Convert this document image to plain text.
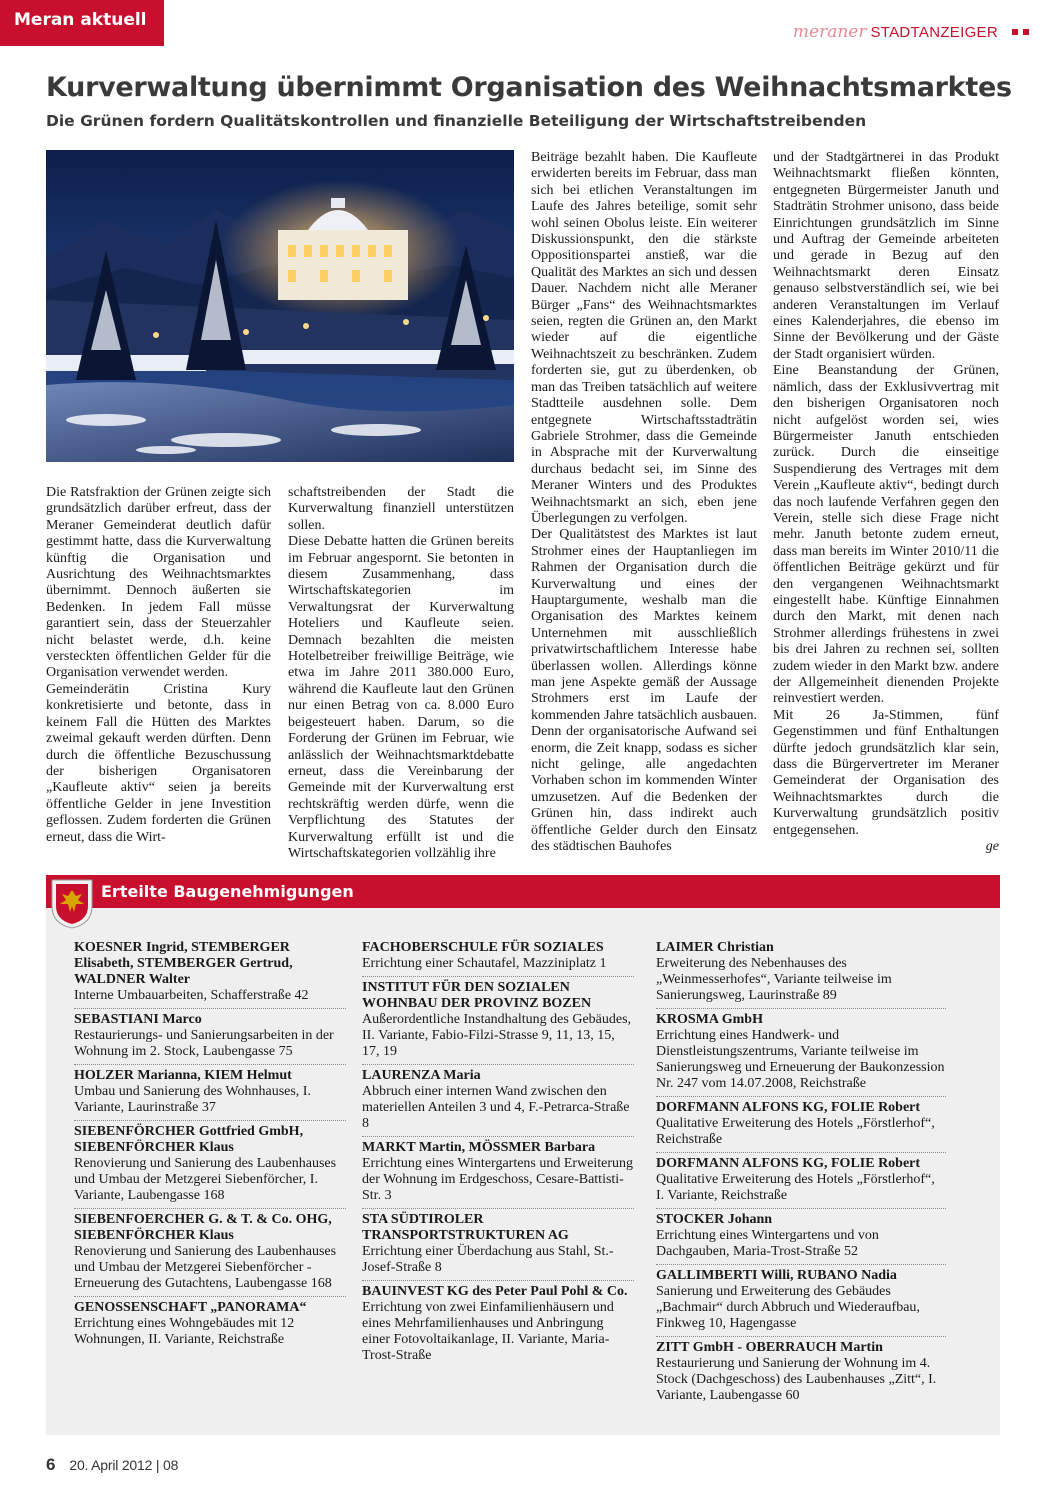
Meran aktuell
meraner STADTANZEIGER
Kurverwaltung übernimmt Organisation des Weihnachtsmarktes
Die Grünen fordern Qualitätskontrollen und finanzielle Beteiligung der Wirtschaftstreibenden

Die Ratsfraktion der Grünen zeigte sich grundsätzlich darüber erfreut, dass der Meraner Gemeinderat deutlich dafür gestimmt hatte, dass die Kurverwaltung künftig die Organisation und Ausrichtung des Weihnachtsmarktes übernimmt. Dennoch äußerten sie Bedenken. In jedem Fall müsse garantiert sein, dass der Steuerzahler nicht belastet werde, d.h. keine versteckten öffentlichen Gelder für die Organisation verwendet werden.

Gemeinderätin Cristina Kury konkretisierte und betonte, dass in keinem Fall die Hütten des Marktes zweimal gekauft werden dürften. Denn durch die öffentliche Bezuschussung der bisherigen Organisatoren „Kaufleute aktiv“ seien ja bereits öffentliche Gelder in jene Investition geflossen. Zudem forderten die Grünen erneut, dass die Wirt-

schaftstreibenden der Stadt die Kurverwaltung finanziell unterstützen sollen.

Diese Debatte hatten die Grünen bereits im Februar angespornt. Sie betonten in diesem Zusammenhang, dass Wirtschaftskategorien im Verwaltungsrat der Kurverwaltung Hoteliers und Kaufleute seien. Demnach bezahlten die meisten Hotelbetreiber freiwillige Beiträge, wie etwa im Jahre 2011 380.000 Euro, während die Kaufleute laut den Grünen nur einen Betrag von ca. 8.000 Euro beigesteuert haben. Darum, so die Forderung der Grünen im Februar, wie anlässlich der Weihnachtsmarktdebatte erneut, dass die Vereinbarung der Gemeinde mit der Kurverwaltung erst rechtskräftig werden dürfe, wenn die Verpflichtung des Statutes der Kurverwaltung erfüllt ist und die Wirtschaftskategorien vollzählig ihre

Beiträge bezahlt haben. Die Kaufleute erwiderten bereits im Februar, dass man sich bei etlichen Veranstaltungen im Laufe des Jahres beteilige, somit sehr wohl seinen Obolus leiste. Ein weiterer Diskussionspunkt, den die stärkste Oppositionspartei anstieß, war die Qualität des Marktes an sich und dessen Dauer. Nachdem nicht alle Meraner Bürger „Fans“ des Weihnachtsmarktes seien, regten die Grünen an, den Markt wieder auf die eigentliche Weihnachtszeit zu beschränken. Zudem forderten sie, gut zu überdenken, ob man das Treiben tatsächlich auf weitere Stadtteile ausdehnen solle. Dem entgegnete Wirtschaftsstadträtin Gabriele Strohmer, dass die Gemeinde in Absprache mit der Kurverwaltung durchaus bedacht sei, im Sinne des Meraner Winters und des Produktes Weihnachtsmarkt an sich, eben jene Überlegungen zu verfolgen.

Der Qualitätstest des Marktes ist laut Strohmer eines der Hauptanliegen im Rahmen der Organisation durch die Kurverwaltung und eines der Hauptargumente, weshalb man die Organisation des Marktes keinem Unternehmen mit ausschließlich privatwirtschaftlichem Interesse habe überlassen wollen. Allerdings könne man jene Aspekte gemäß der Aussage Strohmers erst im Laufe der kommenden Jahre tatsächlich ausbauen. Denn der organisatorische Aufwand sei enorm, die Zeit knapp, sodass es sicher nicht gelinge, alle angedachten Vorhaben schon im kommenden Winter umzusetzen. Auf die Bedenken der Grünen hin, dass indirekt auch öffentliche Gelder durch den Einsatz des städtischen Bauhofes

und der Stadtgärtnerei in das Produkt Weihnachtsmarkt fließen könnten, entgegneten Bürgermeister Januth und Stadträtin Strohmer unisono, dass beide Einrichtungen grundsätzlich im Sinne und Auftrag der Gemeinde arbeiteten und gerade in Bezug auf den Weihnachtsmarkt deren Einsatz genauso selbstverständlich sei, wie bei anderen Veranstaltungen im Verlauf eines Kalenderjahres, die ebenso im Sinne der Bevölkerung und der Gäste der Stadt organisiert würden.

Eine Beanstandung der Grünen, nämlich, dass der Exklusivvertrag mit den bisherigen Organisatoren noch nicht aufgelöst worden sei, wies Bürgermeister Januth entschieden zurück. Durch die einseitige Suspendierung des Vertrages mit dem Verein „Kaufleute aktiv“, bedingt durch das noch laufende Verfahren gegen den Verein, stelle sich diese Frage nicht mehr. Januth betonte zudem erneut, dass man bereits im Winter 2010/11 die öffentlichen Beiträge gekürzt und für den vergangenen Weihnachtsmarkt eingestellt habe. Künftige Einnahmen durch den Markt, mit denen nach Strohmer allerdings frühestens in zwei bis drei Jahren zu rechnen sei, sollten zudem wieder in den Markt bzw. andere der Allgemeinheit dienenden Projekte reinvestiert werden.

Mit 26 Ja-Stimmen, fünf Gegenstimmen und fünf Enthaltungen dürfte jedoch grundsätzlich klar sein, dass die Bürgervertreter im Meraner Gemeinderat der Organisation des Weihnachtsmarktes durch die Kurverwaltung grundsätzlich positiv entgegensehen.

ge

Erteilte Baugenehmigungen
KOESNER Ingrid, STEMBERGER Elisabeth, STEMBERGER Gertrud, WALDNER Walter
Interne Umbauarbeiten, Schafferstraße 42
SEBASTIANI Marco
Restaurierungs- und Sanierungsarbeiten in der Wohnung im 2. Stock, Laubengasse 75
HOLZER Marianna, KIEM Helmut
Umbau und Sanierung des Wohnhauses, I. Variante, Laurinstraße 37
SIEBENFÖRCHER Gottfried GmbH, SIEBENFÖRCHER Klaus
Renovierung und Sanierung des Laubenhauses und Umbau der Metzgerei Siebenförcher, I. Variante, Laubengasse 168
SIEBENFOERCHER G. & T. & Co. OHG, SIEBENFÖRCHER Klaus
Renovierung und Sanierung des Laubenhauses und Umbau der Metzgerei Siebenförcher - Erneuerung des Gutachtens, Laubengasse 168
GENOSSENSCHAFT „PANORAMA“
Errichtung eines Wohngebäudes mit 12 Wohnungen, II. Variante, Reichstraße
FACHOBERSCHULE FÜR SOZIALES
Errichtung einer Schautafel, Mazziniplatz 1
INSTITUT FÜR DEN SOZIALEN WOHNBAU DER PROVINZ BOZEN
Außerordentliche Instandhaltung des Gebäudes, II. Variante, Fabio-Filzi-Strasse 9, 11, 13, 15, 17, 19
LAURENZA Maria
Abbruch einer internen Wand zwischen den materiellen Anteilen 3 und 4, F.-Petrarca-Straße 8
MARKT Martin, MÖSSMER Barbara
Errichtung eines Wintergartens und Erweiterung der Wohnung im Erdgeschoss, Cesare-Battisti-Str. 3
STA SÜDTIROLER TRANSPORTSTRUKTUREN AG
Errichtung einer Überdachung aus Stahl, St.-Josef-Straße 8
BAUINVEST KG des Peter Paul Pohl & Co.
Errichtung von zwei Einfamilienhäusern und eines Mehrfamilienhauses und Anbringung einer Fotovoltaikanlage, II. Variante, Maria-Trost-Straße
LAIMER Christian
Erweiterung des Nebenhauses des „Weinmesserhofes“, Variante teilweise im Sanierungsweg, Laurinstraße 89
KROSMA GmbH
Errichtung eines Handwerk- und Dienstleistungszentrums, Variante teilweise im Sanierungsweg und Erneuerung der Baukonzession Nr. 247 vom 14.07.2008, Reichstraße
DORFMANN ALFONS KG, FOLIE Robert
Qualitative Erweiterung des Hotels „Förstlerhof“, Reichstraße
DORFMANN ALFONS KG, FOLIE Robert
Qualitative Erweiterung des Hotels „Förstlerhof“, I. Variante, Reichstraße
STOCKER Johann
Errichtung eines Wintergartens und von Dachgauben, Maria-Trost-Straße 52
GALLIMBERTI Willi, RUBANO Nadia
Sanierung und Erweiterung des Gebäudes „Bachmair“ durch Abbruch und Wiederaufbau, Finkweg 10, Hagengasse
ZITT GmbH - OBERRAUCH Martin
Restaurierung und Sanierung der Wohnung im 4. Stock (Dachgeschoss) des Laubenhauses „Zitt“, I. Variante, Laubengasse 60
6 20. April 2012 | 08
